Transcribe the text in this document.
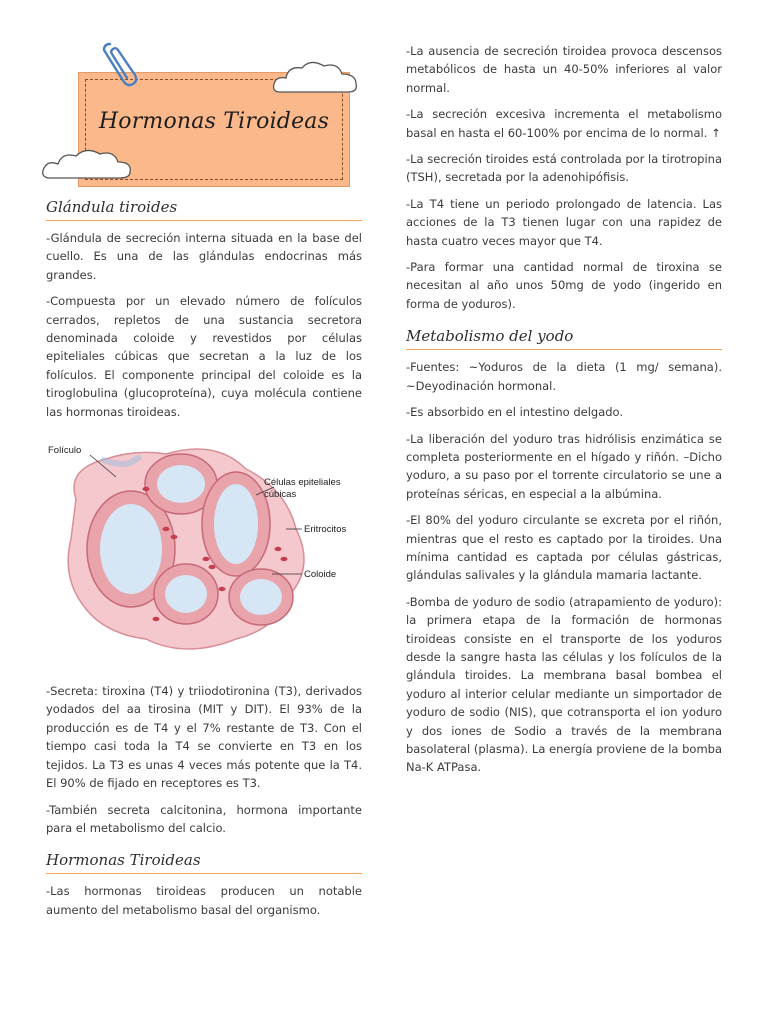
Hormonas Tiroideas
Glándula tiroides

-Glándula de secreción interna situada en la base del cuello. Es una de las glándulas endocrinas más grandes.

-Compuesta por un elevado número de folículos cerrados, repletos de una sustancia secretora denominada coloide y revestidos por células epiteliales cúbicas que secretan a la luz de los folículos. El componente principal del coloide es la tiroglobulina (glucoproteína), cuya molécula contiene las hormonas tiroideas.

Folículo
Células epiteliales
cúbicas
Eritrocitos
Coloide

-Secreta: tiroxina (T4) y triiodotironina (T3), derivados yodados del aa tirosina (MIT y DIT). El 93% de la producción es de T4 y el 7% restante de T3. Con el tiempo casi toda la T4 se convierte en T3 en los tejidos. La T3 es unas 4 veces más potente que la T4. El 90% de fijado en receptores es T3.

-También secreta calcitonina, hormona importante para el metabolismo del calcio.

Hormonas Tiroideas

-Las hormonas tiroideas producen un notable aumento del metabolismo basal del organismo.

-La ausencia de secreción tiroidea provoca descensos metabólicos de hasta un 40-50% inferiores al valor normal.

-La secreción excesiva incrementa el metabolismo basal en hasta el 60-100% por encima de lo normal. ↑

-La secreción tiroides está controlada por la tirotropina (TSH), secretada por la adenohipófisis.

-La T4 tiene un periodo prolongado de latencia. Las acciones de la T3 tienen lugar con una rapidez de hasta cuatro veces mayor que T4.

-Para formar una cantidad normal de tiroxina se necesitan al año unos 50mg de yodo (ingerido en forma de yoduros).

Metabolismo del yodo

-Fuentes: ~Yoduros de la dieta (1 mg/ semana). ~Deyodinación hormonal.

-Es absorbido en el intestino delgado.

-La liberación del yoduro tras hidrólisis enzimática se completa posteriormente en el hígado y riñón. –Dicho yoduro, a su paso por el torrente circulatorio se une a proteínas séricas, en especial a la albúmina.

-El 80% del yoduro circulante se excreta por el riñón, mientras que el resto es captado por la tiroides. Una mínima cantidad es captada por células gástricas, glándulas salivales y la glándula mamaria lactante.

-Bomba de yoduro de sodio (atrapamiento de yoduro): la primera etapa de la formación de hormonas tiroideas consiste en el transporte de los yoduros desde la sangre hasta las células y los folículos de la glándula tiroides. La membrana basal bombea el yoduro al interior celular mediante un simportador de yoduro de sodio (NIS), que cotransporta el ion yoduro y dos iones de Sodio a través de la membrana basolateral (plasma). La energía proviene de la bomba Na-K ATPasa.
